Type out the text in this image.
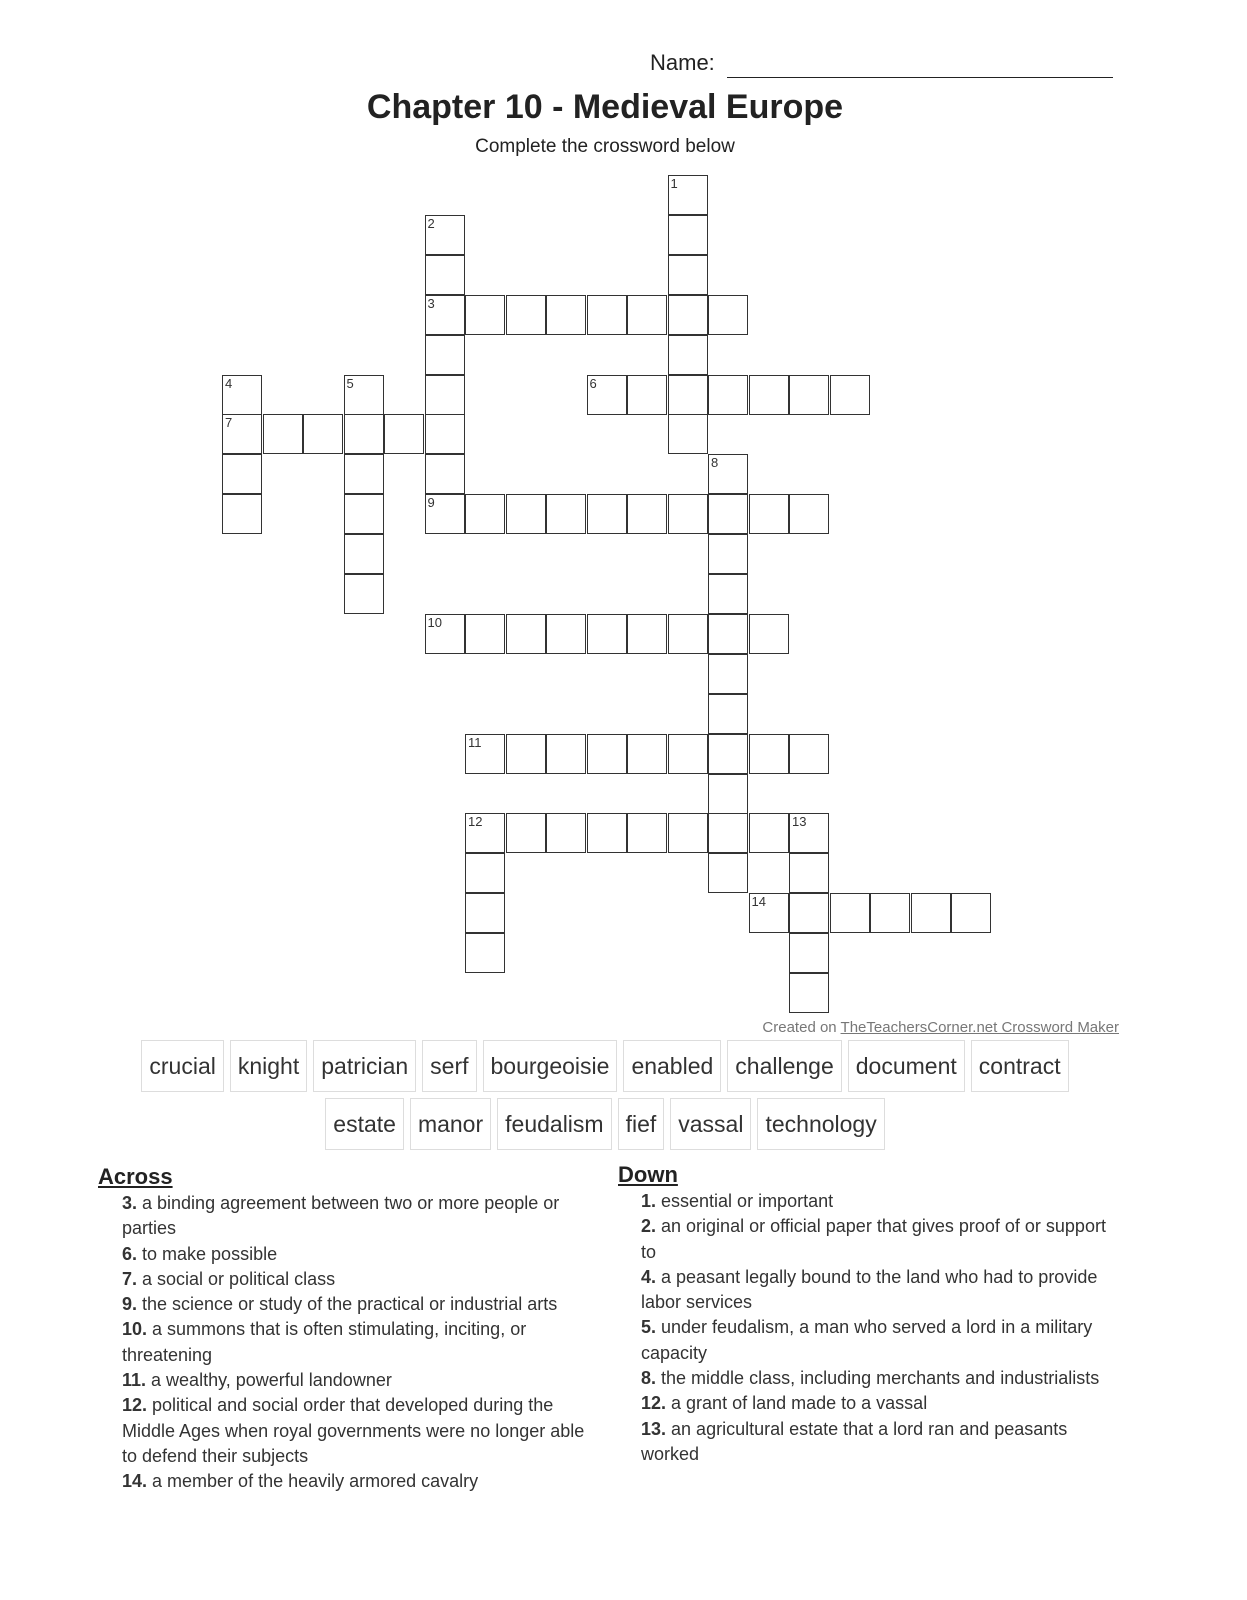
Name:
Chapter 10 - Medieval Europe
Complete the crossword below
1
2
3
9
4
7
5	6
8
10
11
12	13
14
Created on TheTeachersCorner.net Crossword Maker
crucial knight patrician serf bourgeoisie enabled challenge document contract
estate manor feudalism fief vassal technology
Across
3. a binding agreement between two or more people or parties
6. to make possible
7. a social or political class
9. the science or study of the practical or industrial arts
10. a summons that is often stimulating, inciting, or threatening
11. a wealthy, powerful landowner
12. political and social order that developed during the Middle Ages when royal governments were no longer able to defend their subjects
14. a member of the heavily armored cavalry
Down
1. essential or important
2. an original or official paper that gives proof of or support to
4. a peasant legally bound to the land who had to provide labor services
5. under feudalism, a man who served a lord in a military capacity
8. the middle class, including merchants and industrialists
12. a grant of land made to a vassal
13. an agricultural estate that a lord ran and peasants worked
